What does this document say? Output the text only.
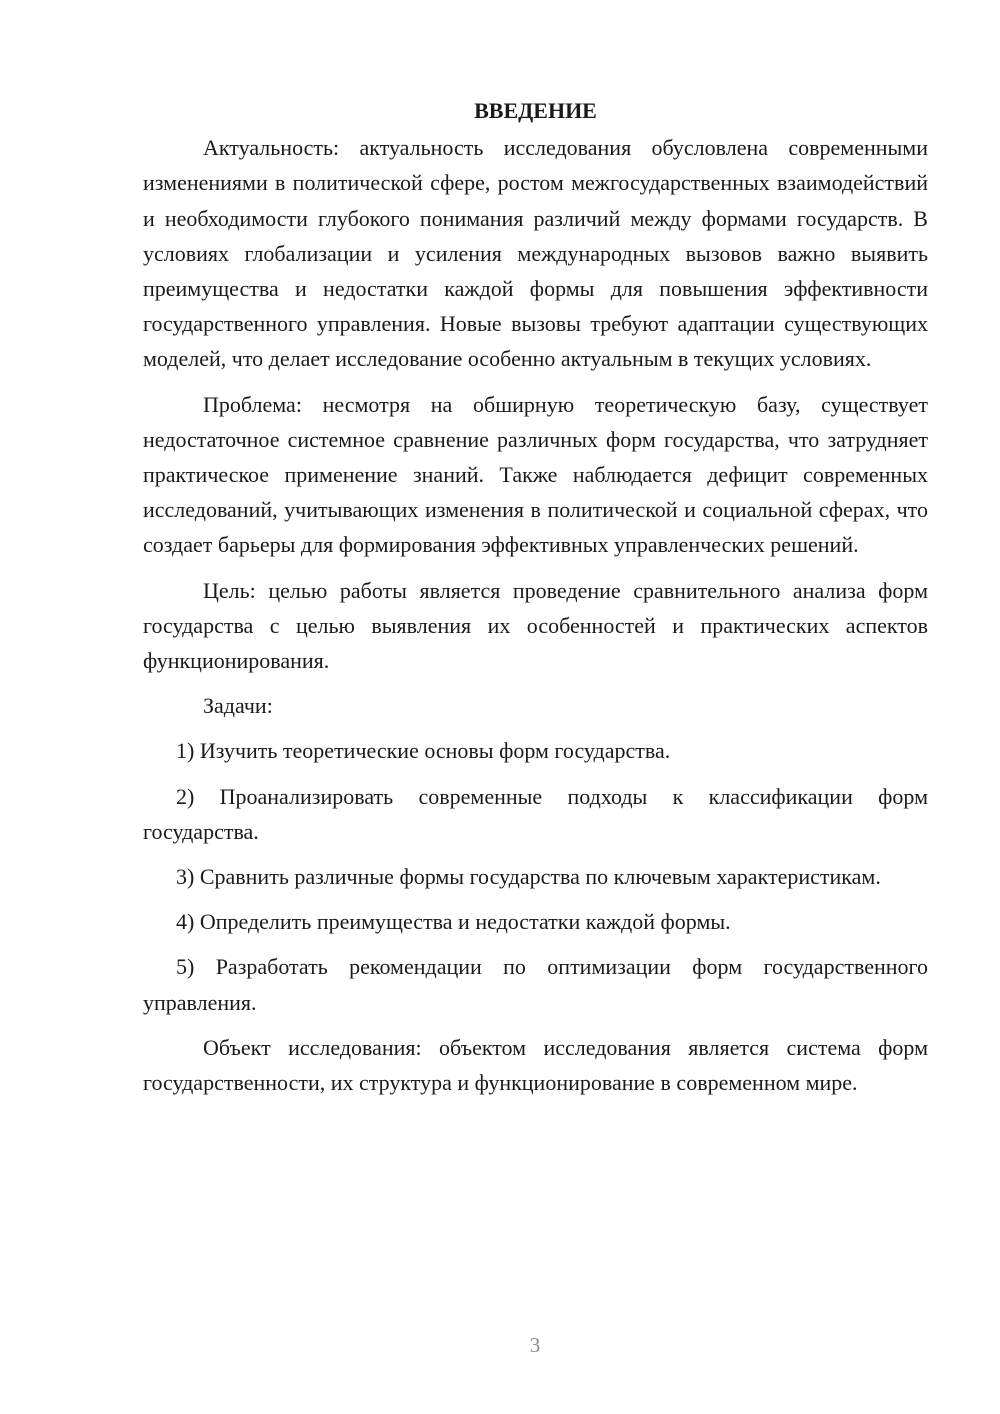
ВВЕДЕНИЕ

Актуальность: актуальность исследования обусловлена современными изменениями в политической сфере, ростом межгосударственных взаимодействий и необходимости глубокого понимания различий между формами государств. В условиях глобализации и усиления международных вызовов важно выявить преимущества и недостатки каждой формы для повышения эффективности государственного управления. Новые вызовы требуют адаптации существующих моделей, что делает исследование особенно актуальным в текущих условиях.

Проблема: несмотря на обширную теоретическую базу, существует недостаточное системное сравнение различных форм государства, что затрудняет практическое применение знаний. Также наблюдается дефицит современных исследований, учитывающих изменения в политической и социальной сферах, что создает барьеры для формирования эффективных управленческих решений.

Цель: целью работы является проведение сравнительного анализа форм государства с целью выявления их особенностей и практических аспектов функционирования.

Задачи:

1) Изучить теоретические основы форм государства.

2) Проанализировать современные подходы к классификации форм государства.

3) Сравнить различные формы государства по ключевым характеристикам.

4) Определить преимущества и недостатки каждой формы.

5) Разработать рекомендации по оптимизации форм государственного управления.

Объект исследования: объектом исследования является система форм государственности, их структура и функционирование в современном мире.

3
